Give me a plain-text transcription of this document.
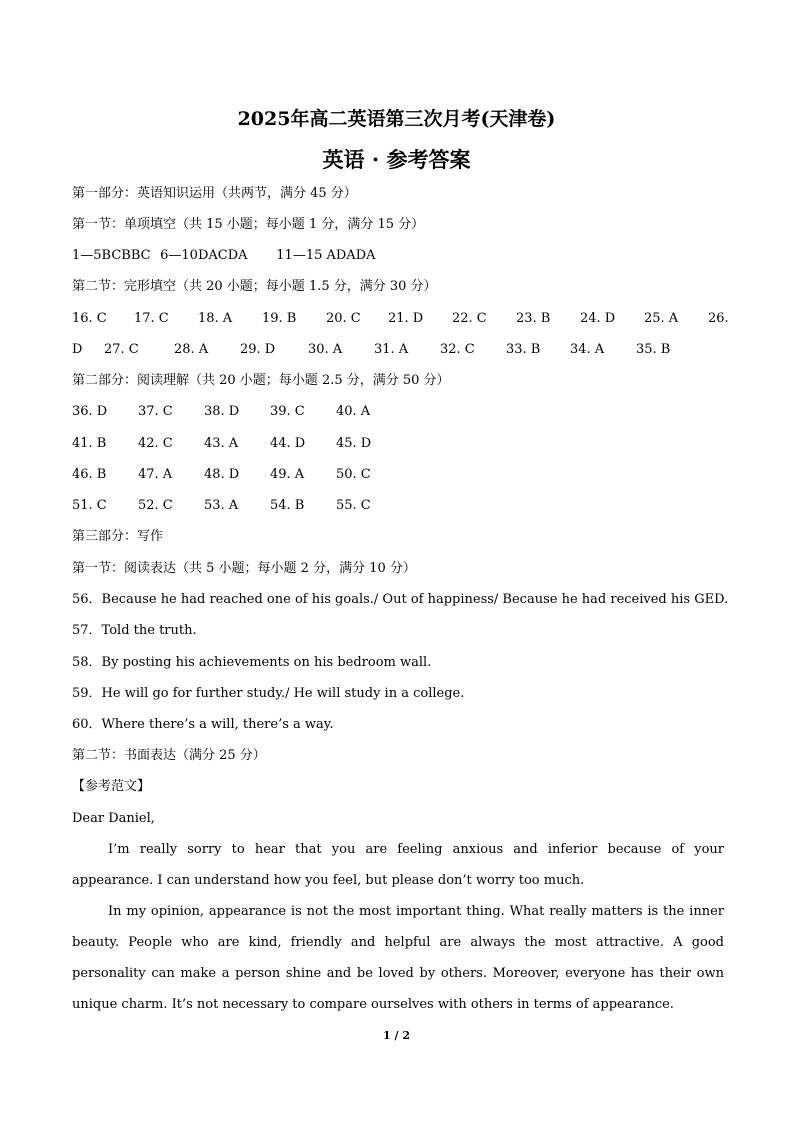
2025年高二英语第三次月考(天津卷)
英语 · 参考答案
第一部分：英语知识运用（共两节，满分 45 分）
第一节：单项填空（共 15 小题；每小题 1 分，满分 15 分）
1—5BCBBC 6—10DACDA 11—15 ADADA
第二节：完形填空（共 20 小题；每小题 1.5 分，满分 30 分）
16. C 17. C 18. A 19. B 20. C 21. D 22. C 23. B 24. D 25. A 26.
D 27. C	28. A 29. D	30. A 31. A 32. C 33. B 34. A 35. B
第二部分：阅读理解（共 20 小题；每小题 2.5 分，满分 50 分）
36. D 37. C 38. D 39. C 40. A
41. B 42. C 43. A 44. D 45. D
46. B 47. A 48. D 49. A 50. C
51. C 52. C 53. A 54. B 55. C
第三部分：写作
第一节：阅读表达（共 5 小题；每小题 2 分，满分 10 分）
56．Because he had reached one of his goals./ Out of happiness/ Because he had received his GED.
57．Told the truth.
58．By posting his achievements on his bedroom wall.
59．He will go for further study./ He will study in a college.
60．Where there’s a will, there’s a way.
第二节：书面表达（满分 25 分）
【参考范文】

Dear Daniel,

I’m really sorry to hear that you are feeling anxious and inferior because of your appearance. I can understand how you feel, but please don’t worry too much.

In my opinion, appearance is not the most important thing. What really matters is the inner beauty. People who are kind, friendly and helpful are always the most attractive. A good personality can make a person shine and be loved by others. Moreover, everyone has their own unique charm. It’s not necessary to compare ourselves with others in terms of appearance.

1 / 2
